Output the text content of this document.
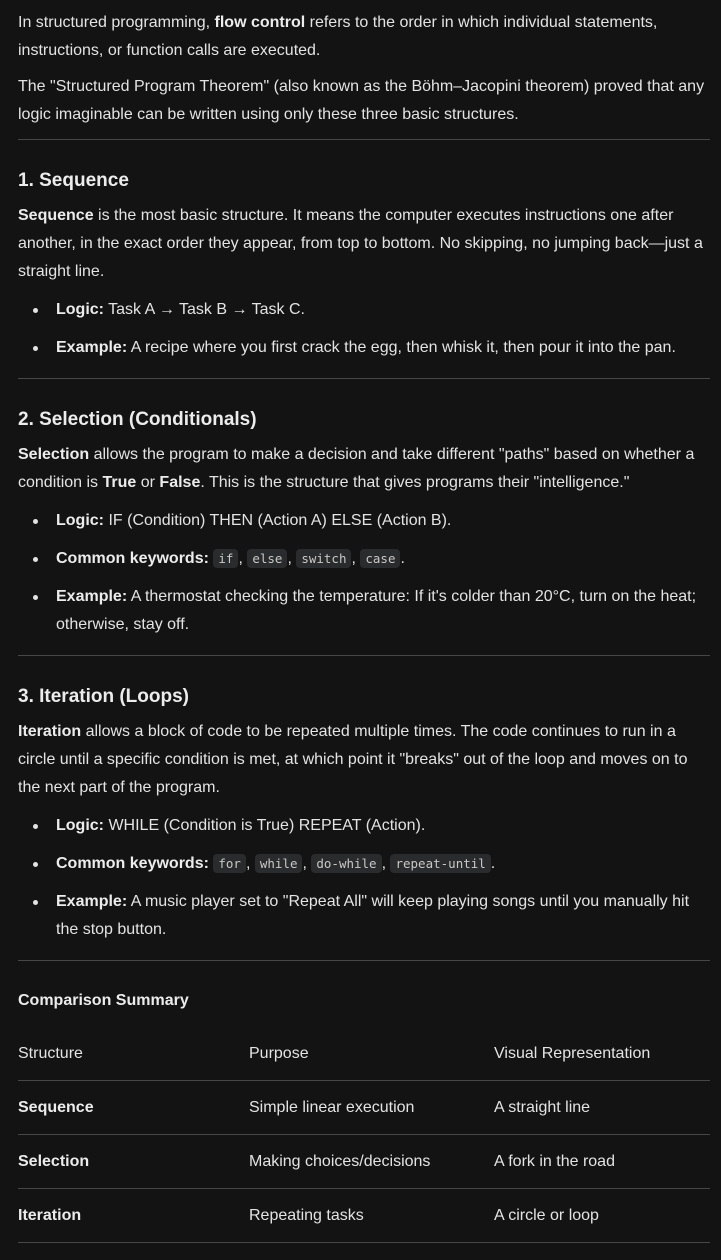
In structured programming, flow control refers to the order in which individual statements, instructions, or function calls are executed.

The "Structured Program Theorem" (also known as the Böhm–Jacopini theorem) proved that any logic imaginable can be written using only these three basic structures.

1. Sequence

Sequence is the most basic structure. It means the computer executes instructions one after another, in the exact order they appear, from top to bottom. No skipping, no jumping back—just a straight line.

Logic: Task A → Task B → Task C.
Example: A recipe where you first crack the egg, then whisk it, then pour it into the pan.
2. Selection (Conditionals)

Selection allows the program to make a decision and take different "paths" based on whether a condition is True or False. This is the structure that gives programs their "intelligence."

Logic: IF (Condition) THEN (Action A) ELSE (Action B).
Common keywords: if , else , switch , case .
Example: A thermostat checking the temperature: If it's colder than 20°C, turn on the heat; otherwise, stay off.
3. Iteration (Loops)

Iteration allows a block of code to be repeated multiple times. The code continues to run in a circle until a specific condition is met, at which point it "breaks" out of the loop and moves on to the next part of the program.

Logic: WHILE (Condition is True) REPEAT (Action).
Common keywords: for , while , do-while , repeat-until .
Example: A music player set to "Repeat All" will keep playing songs until you manually hit the stop button.
Comparison Summary
Structure	Purpose	Visual Representation
Sequence	Simple linear execution	A straight line
Selection	Making choices/decisions	A fork in the road
Iteration	Repeating tasks	A circle or loop
